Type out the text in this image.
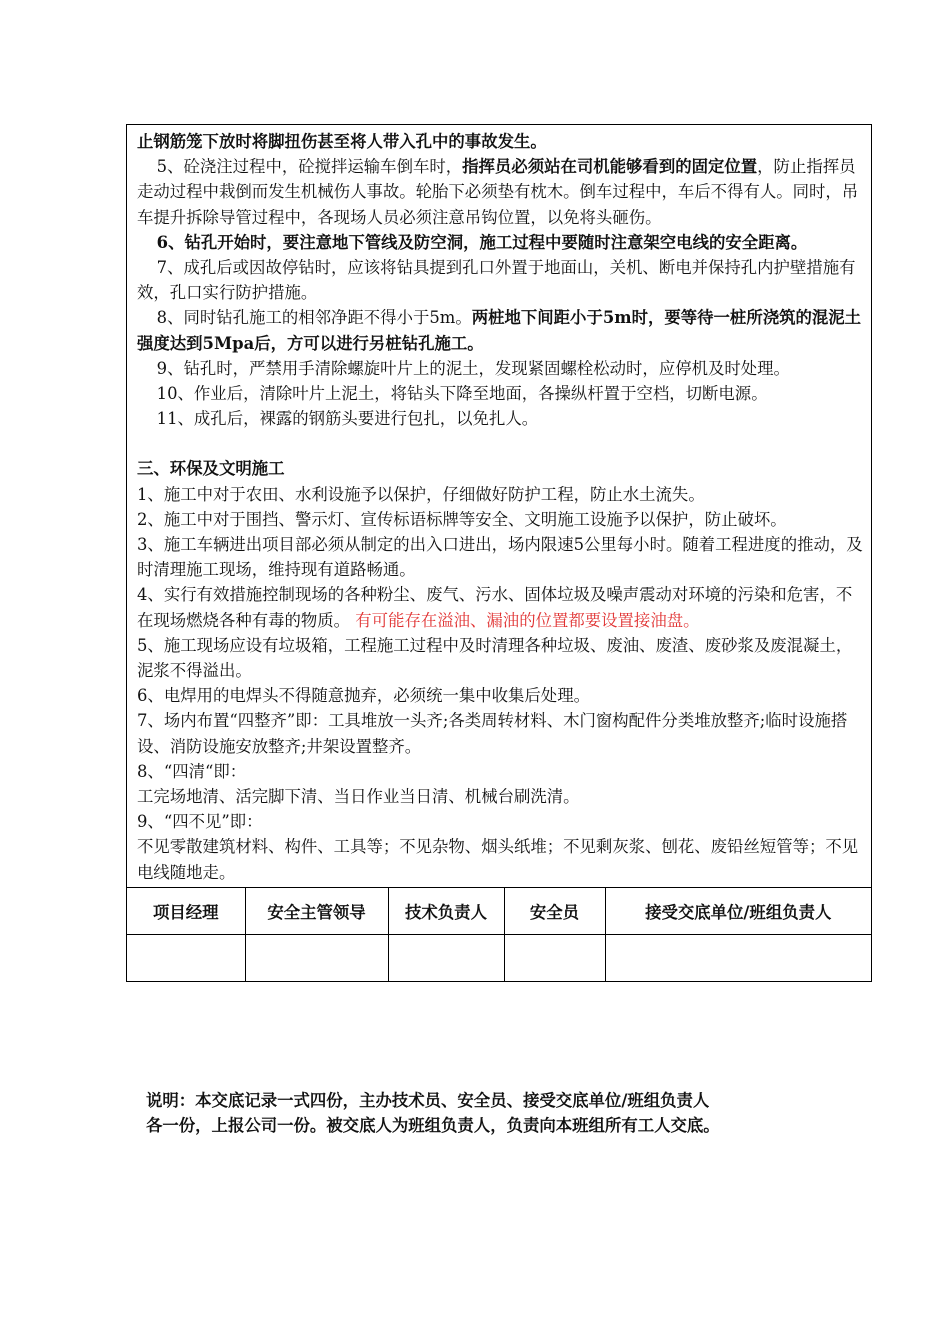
止钢筋笼下放时将脚扭伤甚至将人带入孔中的事故发生。

5、砼浇注过程中，砼搅拌运输车倒车时，指挥员必须站在司机能够看到的固定位置，防止指挥员走动过程中栽倒而发生机械伤人事故。轮胎下必须垫有枕木。倒车过程中，车后不得有人。同时，吊车提升拆除导管过程中，各现场人员必须注意吊钩位置，以免将头砸伤。

6、钻孔开始时，要注意地下管线及防空洞，施工过程中要随时注意架空电线的安全距离。

7、成孔后或因故停钻时，应该将钻具提到孔口外置于地面山，关机、断电并保持孔内护壁措施有效，孔口实行防护措施。

8、同时钻孔施工的相邻净距不得小于5m。两桩地下间距小于5m时，要等待一桩所浇筑的混泥土强度达到5Mpa后，方可以进行另桩钻孔施工。

9、钻孔时，严禁用手清除螺旋叶片上的泥土，发现紧固螺栓松动时，应停机及时处理。

10、作业后，清除叶片上泥土，将钻头下降至地面，各操纵杆置于空档，切断电源。

11、成孔后，裸露的钢筋头要进行包扎，以免扎人。

三、环保及文明施工

1、施工中对于农田、水利设施予以保护，仔细做好防护工程，防止水土流失。

2、施工中对于围挡、警示灯、宣传标语标牌等安全、文明施工设施予以保护，防止破坏。

3、施工车辆进出项目部必须从制定的出入口进出，场内限速5公里每小时。随着工程进度的推动，及时清理施工现场，维持现有道路畅通。

4、实行有效措施控制现场的各种粉尘、废气、污水、固体垃圾及噪声震动对环境的污染和危害，不在现场燃烧各种有毒的物质。 有可能存在溢油、漏油的位置都要设置接油盘。

5、施工现场应设有垃圾箱，工程施工过程中及时清理各种垃圾、废油、废渣、废砂浆及废混凝土，泥浆不得溢出。

6、电焊用的电焊头不得随意抛弃，必须统一集中收集后处理。

7、场内布置“四整齐”即：工具堆放一头齐;各类周转材料、木门窗构配件分类堆放整齐;临时设施搭设、消防设施安放整齐;井架设置整齐。

8、“四清“即：

工完场地清、活完脚下清、当日作业当日清、机械台刷洗清。

9、“四不见”即：

不见零散建筑材料、构件、工具等；不见杂物、烟头纸堆；不见剩灰浆、刨花、废铅丝短管等；不见电线随地走。

项目经理	安全主管领导	技术负责人	安全员	接受交底单位/班组负责人

说明：本交底记录一式四份，主办技术员、安全员、接受交底单位/班组负责人

各一份，上报公司一份。被交底人为班组负责人，负责向本班组所有工人交底。
